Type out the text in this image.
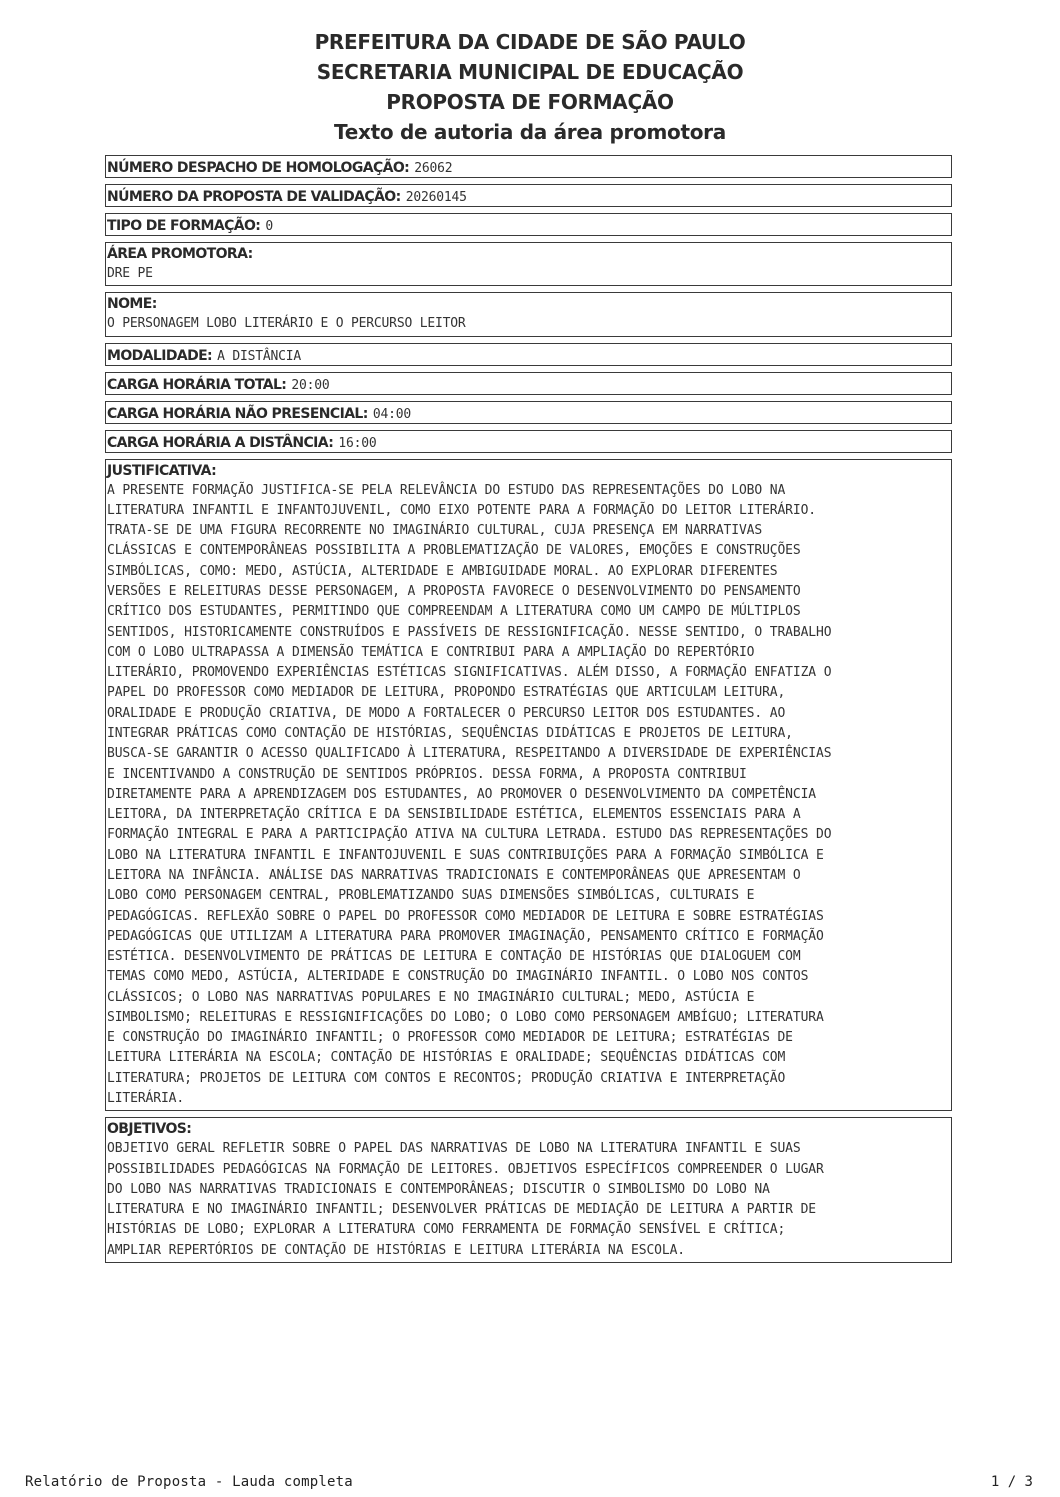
PREFEITURA DA CIDADE DE SÃO PAULO
SECRETARIA MUNICIPAL DE EDUCAÇÃO
PROPOSTA DE FORMAÇÃO
Texto de autoria da área promotora
NÚMERO DESPACHO DE HOMOLOGAÇÃO: 26062
NÚMERO DA PROPOSTA DE VALIDAÇÃO: 20260145
TIPO DE FORMAÇÃO: 0
ÁREA PROMOTORA:
DRE PE
NOME:
O PERSONAGEM LOBO LITERÁRIO E O PERCURSO LEITOR
MODALIDADE: A DISTÂNCIA
CARGA HORÁRIA TOTAL: 20:00
CARGA HORÁRIA NÃO PRESENCIAL: 04:00
CARGA HORÁRIA A DISTÂNCIA: 16:00
JUSTIFICATIVA:
A PRESENTE FORMAÇÃO JUSTIFICA-SE PELA RELEVÂNCIA DO ESTUDO DAS REPRESENTAÇÕES DO LOBO NA
LITERATURA INFANTIL E INFANTOJUVENIL, COMO EIXO POTENTE PARA A FORMAÇÃO DO LEITOR LITERÁRIO.
TRATA-SE DE UMA FIGURA RECORRENTE NO IMAGINÁRIO CULTURAL, CUJA PRESENÇA EM NARRATIVAS
CLÁSSICAS E CONTEMPORÂNEAS POSSIBILITA A PROBLEMATIZAÇÃO DE VALORES, EMOÇÕES E CONSTRUÇÕES
SIMBÓLICAS, COMO: MEDO, ASTÚCIA, ALTERIDADE E AMBIGUIDADE MORAL. AO EXPLORAR DIFERENTES
VERSÕES E RELEITURAS DESSE PERSONAGEM, A PROPOSTA FAVORECE O DESENVOLVIMENTO DO PENSAMENTO
CRÍTICO DOS ESTUDANTES, PERMITINDO QUE COMPREENDAM A LITERATURA COMO UM CAMPO DE MÚLTIPLOS
SENTIDOS, HISTORICAMENTE CONSTRUÍDOS E PASSÍVEIS DE RESSIGNIFICAÇÃO. NESSE SENTIDO, O TRABALHO
COM O LOBO ULTRAPASSA A DIMENSÃO TEMÁTICA E CONTRIBUI PARA A AMPLIAÇÃO DO REPERTÓRIO
LITERÁRIO, PROMOVENDO EXPERIÊNCIAS ESTÉTICAS SIGNIFICATIVAS. ALÉM DISSO, A FORMAÇÃO ENFATIZA O
PAPEL DO PROFESSOR COMO MEDIADOR DE LEITURA, PROPONDO ESTRATÉGIAS QUE ARTICULAM LEITURA,
ORALIDADE E PRODUÇÃO CRIATIVA, DE MODO A FORTALECER O PERCURSO LEITOR DOS ESTUDANTES. AO
INTEGRAR PRÁTICAS COMO CONTAÇÃO DE HISTÓRIAS, SEQUÊNCIAS DIDÁTICAS E PROJETOS DE LEITURA,
BUSCA-SE GARANTIR O ACESSO QUALIFICADO À LITERATURA, RESPEITANDO A DIVERSIDADE DE EXPERIÊNCIAS
E INCENTIVANDO A CONSTRUÇÃO DE SENTIDOS PRÓPRIOS. DESSA FORMA, A PROPOSTA CONTRIBUI
DIRETAMENTE PARA A APRENDIZAGEM DOS ESTUDANTES, AO PROMOVER O DESENVOLVIMENTO DA COMPETÊNCIA
LEITORA, DA INTERPRETAÇÃO CRÍTICA E DA SENSIBILIDADE ESTÉTICA, ELEMENTOS ESSENCIAIS PARA A
FORMAÇÃO INTEGRAL E PARA A PARTICIPAÇÃO ATIVA NA CULTURA LETRADA. ESTUDO DAS REPRESENTAÇÕES DO
LOBO NA LITERATURA INFANTIL E INFANTOJUVENIL E SUAS CONTRIBUIÇÕES PARA A FORMAÇÃO SIMBÓLICA E
LEITORA NA INFÂNCIA. ANÁLISE DAS NARRATIVAS TRADICIONAIS E CONTEMPORÂNEAS QUE APRESENTAM O
LOBO COMO PERSONAGEM CENTRAL, PROBLEMATIZANDO SUAS DIMENSÕES SIMBÓLICAS, CULTURAIS E
PEDAGÓGICAS. REFLEXÃO SOBRE O PAPEL DO PROFESSOR COMO MEDIADOR DE LEITURA E SOBRE ESTRATÉGIAS
PEDAGÓGICAS QUE UTILIZAM A LITERATURA PARA PROMOVER IMAGINAÇÃO, PENSAMENTO CRÍTICO E FORMAÇÃO
ESTÉTICA. DESENVOLVIMENTO DE PRÁTICAS DE LEITURA E CONTAÇÃO DE HISTÓRIAS QUE DIALOGUEM COM
TEMAS COMO MEDO, ASTÚCIA, ALTERIDADE E CONSTRUÇÃO DO IMAGINÁRIO INFANTIL. O LOBO NOS CONTOS
CLÁSSICOS; O LOBO NAS NARRATIVAS POPULARES E NO IMAGINÁRIO CULTURAL; MEDO, ASTÚCIA E
SIMBOLISMO; RELEITURAS E RESSIGNIFICAÇÕES DO LOBO; O LOBO COMO PERSONAGEM AMBÍGUO; LITERATURA
E CONSTRUÇÃO DO IMAGINÁRIO INFANTIL; O PROFESSOR COMO MEDIADOR DE LEITURA; ESTRATÉGIAS DE
LEITURA LITERÁRIA NA ESCOLA; CONTAÇÃO DE HISTÓRIAS E ORALIDADE; SEQUÊNCIAS DIDÁTICAS COM
LITERATURA; PROJETOS DE LEITURA COM CONTOS E RECONTOS; PRODUÇÃO CRIATIVA E INTERPRETAÇÃO
LITERÁRIA.
OBJETIVOS:
OBJETIVO GERAL REFLETIR SOBRE O PAPEL DAS NARRATIVAS DE LOBO NA LITERATURA INFANTIL E SUAS
POSSIBILIDADES PEDAGÓGICAS NA FORMAÇÃO DE LEITORES. OBJETIVOS ESPECÍFICOS COMPREENDER O LUGAR
DO LOBO NAS NARRATIVAS TRADICIONAIS E CONTEMPORÂNEAS; DISCUTIR O SIMBOLISMO DO LOBO NA
LITERATURA E NO IMAGINÁRIO INFANTIL; DESENVOLVER PRÁTICAS DE MEDIAÇÃO DE LEITURA A PARTIR DE
HISTÓRIAS DE LOBO; EXPLORAR A LITERATURA COMO FERRAMENTA DE FORMAÇÃO SENSÍVEL E CRÍTICA;
AMPLIAR REPERTÓRIOS DE CONTAÇÃO DE HISTÓRIAS E LEITURA LITERÁRIA NA ESCOLA.
Relatório de Proposta - Lauda completa	1 / 3
